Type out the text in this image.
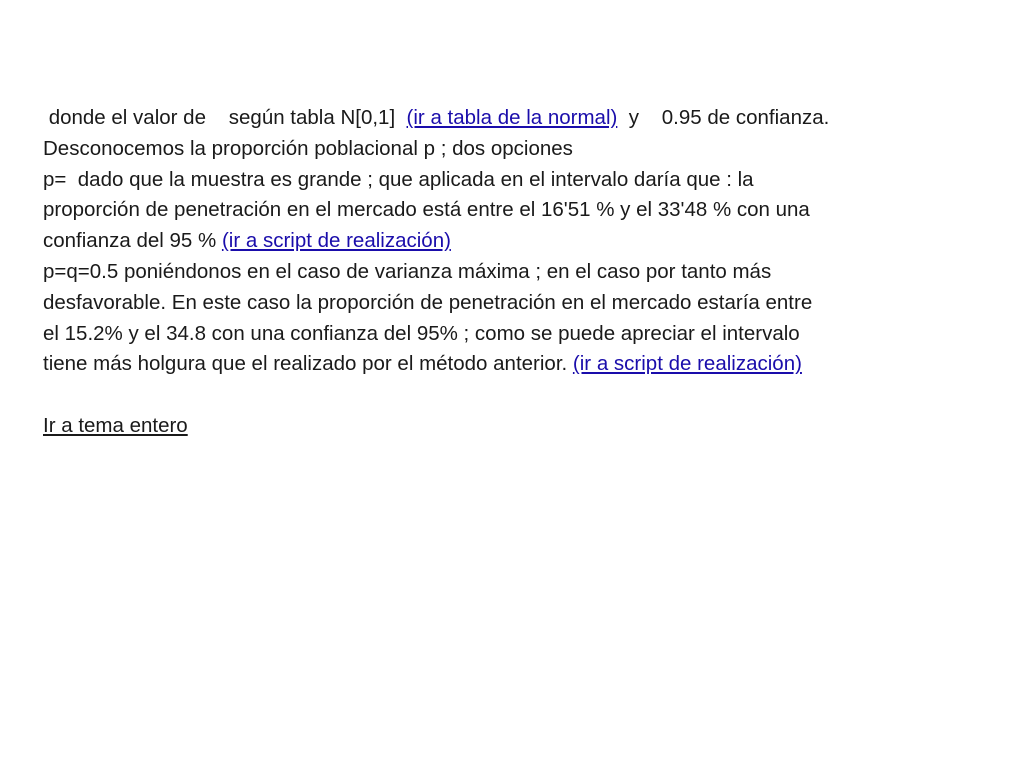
donde el valor de    según tabla N[0,1]  (ir a tabla de la normal)  y    0.95 de confianza.
Desconocemos la proporción poblacional p ; dos opciones
p=  dado que la muestra es grande ; que aplicada en el intervalo daría que : la
proporción de penetración en el mercado está entre el 16'51 % y el 33'48 % con una
confianza del 95 % (ir a script de realización)
p=q=0.5 poniéndonos en el caso de varianza máxima ; en el caso por tanto más
desfavorable. En este caso la proporción de penetración en el mercado estaría entre
el 15.2% y el 34.8 con una confianza del 95% ; como se puede apreciar el intervalo
tiene más holgura que el realizado por el método anterior. (ir a script de realización)
Ir a tema entero
